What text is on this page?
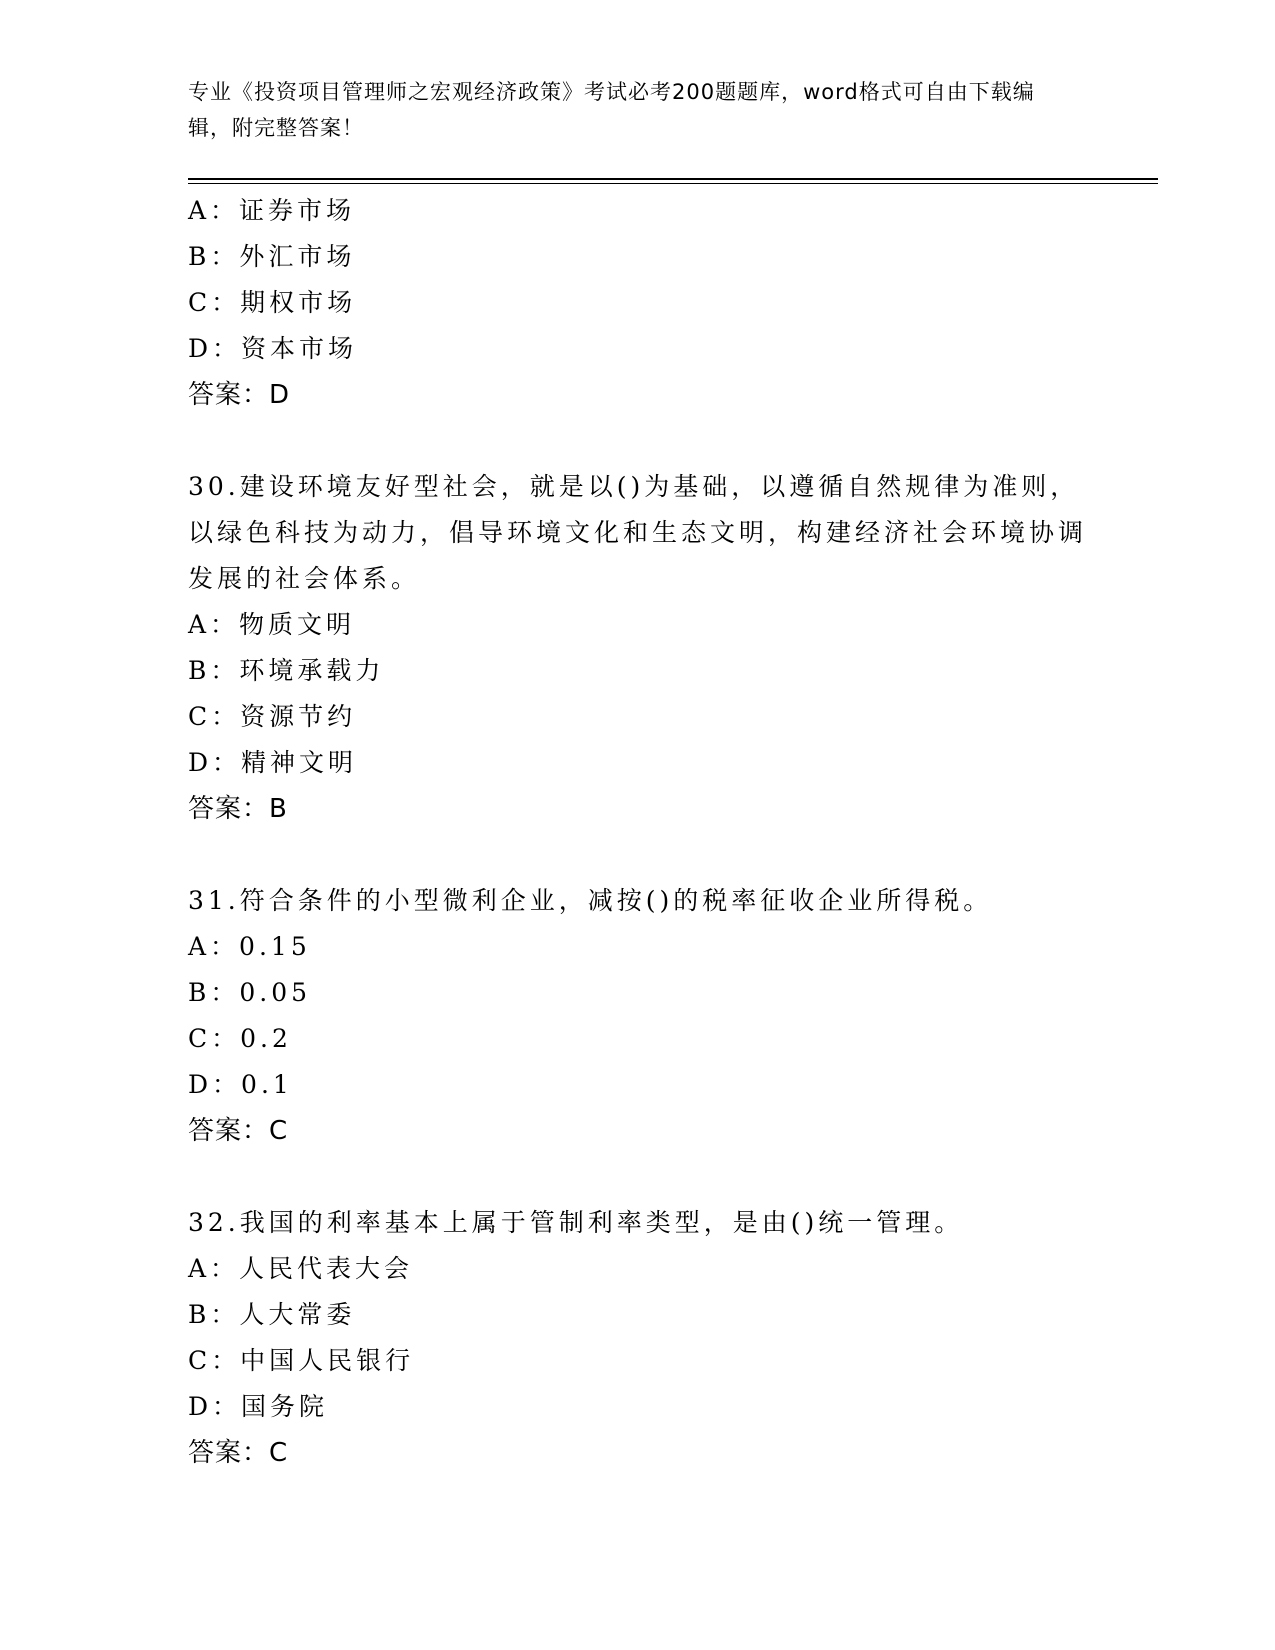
专业《投资项目管理师之宏观经济政策》考试必考200题题库，word格式可自由下载编辑，附完整答案！
A：证券市场
B：外汇市场
C：期权市场
D：资本市场
答案：D
30.建设环境友好型社会，就是以()为基础，以遵循自然规律为准则，以绿色科技为动力，倡导环境文化和生态文明，构建经济社会环境协调发展的社会体系。
A：物质文明
B：环境承载力
C：资源节约
D：精神文明
答案：B
31.符合条件的小型微利企业，减按()的税率征收企业所得税。
A：0.15
B：0.05
C：0.2
D：0.1
答案：C
32.我国的利率基本上属于管制利率类型，是由()统一管理。
A：人民代表大会
B：人大常委
C：中国人民银行
D：国务院
答案：C
